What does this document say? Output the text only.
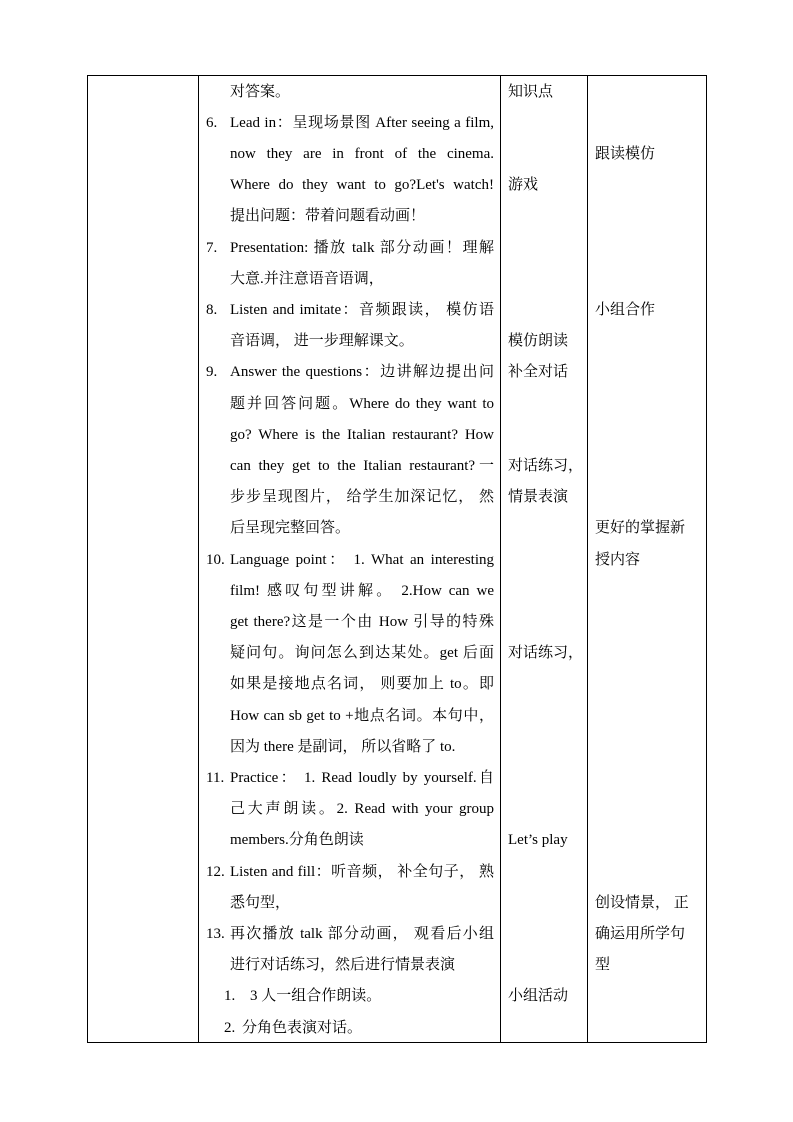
对答案。
6. Lead in：呈现场景图 After seeing a film,
now they are in front of the cinema.
Where do they want to go?Let's watch!
提出问题：带着问题看动画！
7. Presentation: 播放 talk 部分动画！理解
大意.并注意语音语调，
8. Listen and imitate：音频跟读， 模仿语
音语调， 进一步理解课文。
9. Answer the questions：边讲解边提出问
题并回答问题。Where do they want to
go? Where is the Italian restaurant? How
can they get to the Italian restaurant?一
步步呈现图片， 给学生加深记忆， 然
后呈现完整回答。
10. Language point： 1. What an interesting
film! 感叹句型讲解。 2.How can we
get there?这是一个由 How 引导的特殊
疑问句。询问怎么到达某处。get 后面
如果是接地点名词， 则要加上 to。即
How can sb get to +地点名词。本句中，
因为 there 是副词， 所以省略了 to.
11. Practice： 1. Read loudly by yourself.自
己大声朗读。2. Read with your group
members.分角色朗读
12. Listen and fill：听音频， 补全句子， 熟
悉句型，
13. 再次播放 talk 部分动画， 观看后小组
进行对话练习，然后进行情景表演
1. 3 人一组合作朗读。
2. 分角色表演对话。
知识点
游戏
模仿朗读
补全对话
对话练习，
情景表演
对话练习，
Let’s play
小组活动
跟读模仿
小组合作
更好的掌握新
授内容
创设情景， 正
确运用所学句
型
